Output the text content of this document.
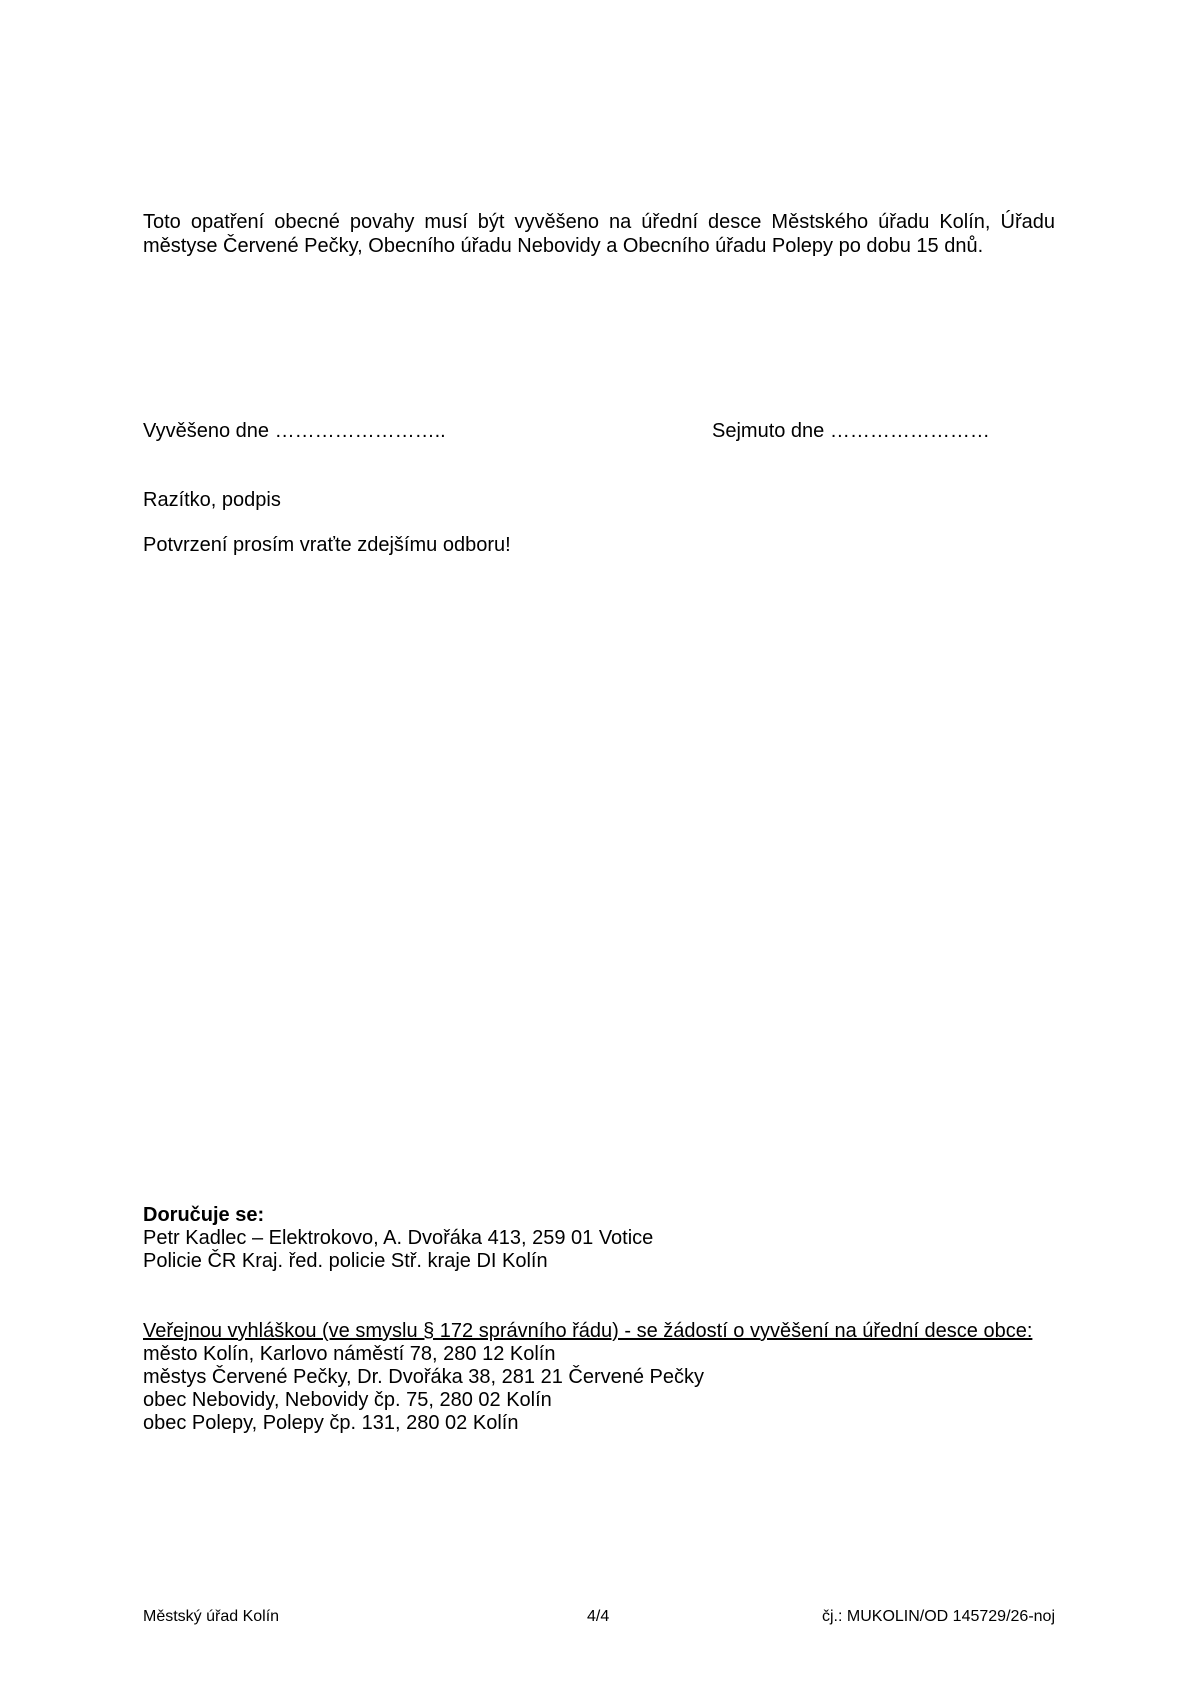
Toto opatření obecné povahy musí být vyvěšeno na úřední desce Městského úřadu Kolín, Úřadu
městyse Červené Pečky, Obecního úřadu Nebovidy a Obecního úřadu Polepy po dobu 15 dnů.
Vyvěšeno dne ……………………..	Sejmuto dne ……………………
Razítko, podpis
Potvrzení prosím vraťte zdejšímu odboru!
Doručuje se:
Petr Kadlec – Elektrokovo, A. Dvořáka 413, 259 01 Votice
Policie ČR Kraj. řed. policie Stř. kraje DI Kolín
Veřejnou vyhláškou (ve smyslu § 172 správního řádu) - se žádostí o vyvěšení na úřední desce obce:
město Kolín, Karlovo náměstí 78, 280 12 Kolín
městys Červené Pečky, Dr. Dvořáka 38, 281 21 Červené Pečky
obec Nebovidy, Nebovidy čp. 75, 280 02 Kolín
obec Polepy, Polepy čp. 131, 280 02 Kolín
Městský úřad Kolín	4/4	čj.: MUKOLIN/OD 145729/26-noj
